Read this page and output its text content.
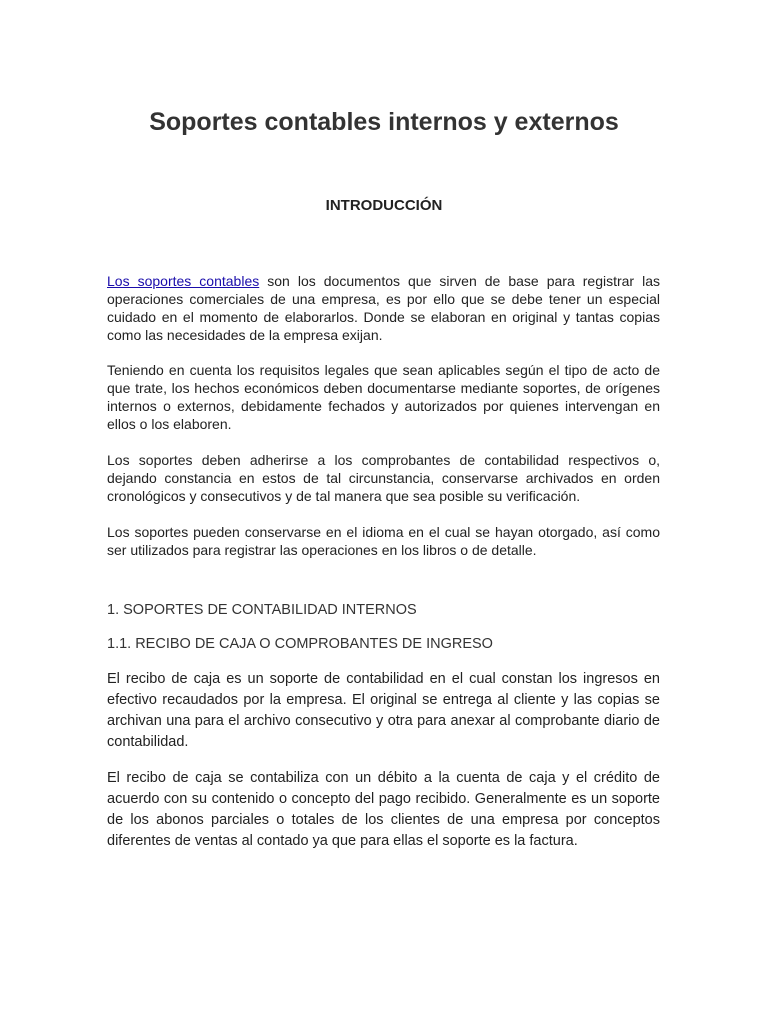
Soportes contables internos y externos
INTRODUCCIÓN

Los soportes contables son los documentos que sirven de base para registrar las operaciones comerciales de una empresa, es por ello que se debe tener un especial cuidado en el momento de elaborarlos. Donde se elaboran en original y tantas copias como las necesidades de la empresa exijan.

Teniendo en cuenta los requisitos legales que sean aplicables según el tipo de acto de que trate, los hechos económicos deben documentarse mediante soportes, de orígenes internos o externos, debidamente fechados y autorizados por quienes intervengan en ellos o los elaboren.

Los soportes deben adherirse a los comprobantes de contabilidad respectivos o, dejando constancia en estos de tal circunstancia, conservarse archivados en orden cronológicos y consecutivos y de tal manera que sea posible su verificación.

Los soportes pueden conservarse en el idioma en el cual se hayan otorgado, así como ser utilizados para registrar las operaciones en los libros o de detalle.

1. SOPORTES DE CONTABILIDAD INTERNOS
1.1. RECIBO DE CAJA O COMPROBANTES DE INGRESO

El recibo de caja es un soporte de contabilidad en el cual constan los ingresos en efectivo recaudados por la empresa. El original se entrega al cliente y las copias se archivan una para el archivo consecutivo y otra para anexar al comprobante diario de contabilidad.

El recibo de caja se contabiliza con un débito a la cuenta de caja y el crédito de acuerdo con su contenido o concepto del pago recibido. Generalmente es un soporte de los abonos parciales o totales de los clientes de una empresa por conceptos diferentes de ventas al contado ya que para ellas el soporte es la factura.
